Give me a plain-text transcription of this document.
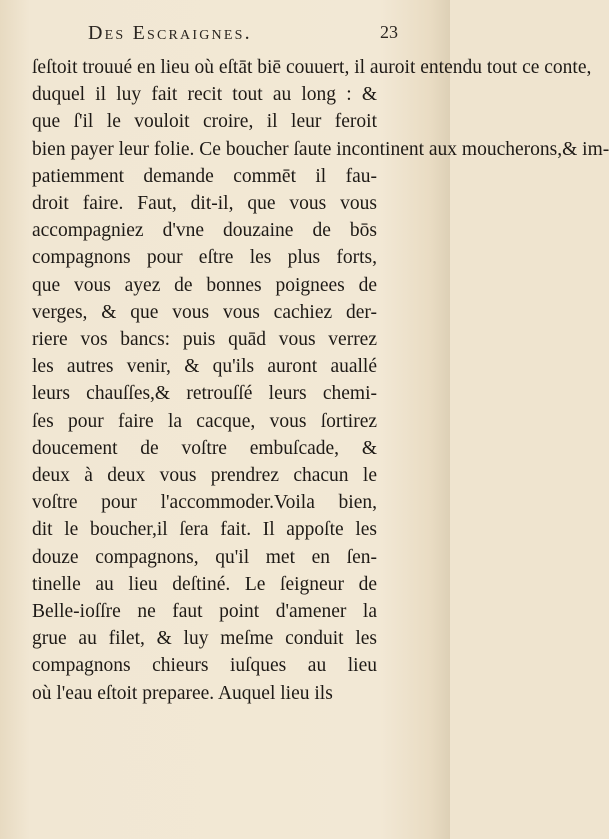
Des Escraignes.	23
ſeſtoit trouué en lieu où eſtāt biē couuert, il auroit entendu tout ce conte,
duquel il luy fait recit tout au long : &
que ſ'il le vouloit croire, il leur feroit
bien payer leur folie. Ce boucher ſaute incontinent aux moucherons,& im-
patiemment demande commēt il fau-
droit faire. Faut, dit-il, que vous vous
accompagniez d'vne douzaine de bōs
compagnons pour eſtre les plus forts,
que vous ayez de bonnes poignees de
verges, & que vous vous cachiez der-
riere vos bancs: puis quād vous verrez
les autres venir, & qu'ils auront auallé
leurs chauſſes,& retrouſſé leurs chemi-
ſes pour faire la cacque, vous ſortirez
doucement de voſtre embuſcade, &
deux à deux vous prendrez chacun le
voſtre pour l'accommoder.Voila bien,
dit le boucher,il ſera fait. Il appoſte les
douze compagnons, qu'il met en ſen-
tinelle au lieu deſtiné. Le ſeigneur de
Belle-ioſſre ne faut point d'amener la
grue au filet, & luy meſme conduit les
compagnons chieurs iuſques au lieu
où l'eau eſtoit preparee. Auquel lieu ils
